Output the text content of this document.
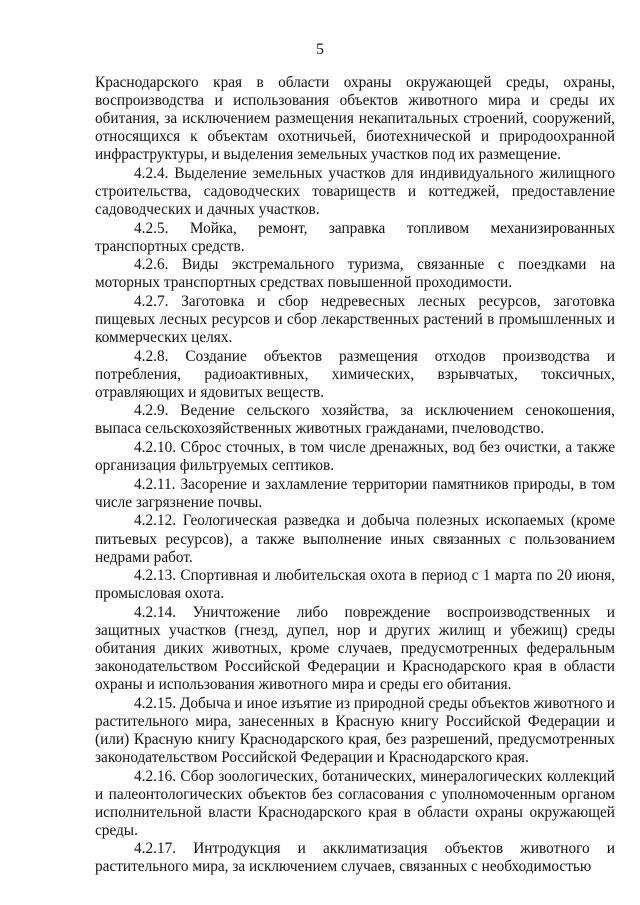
5

Краснодарского края в области охраны окружающей среды, охраны, воспроизводства и использования объектов животного мира и среды их обитания, за исключением размещения некапитальных строений, сооружений, относящихся к объектам охотничьей, биотехнической и природоохранной инфраструктуры, и выделения земельных участков под их размещение.

4.2.4. Выделение земельных участков для индивидуального жилищного строительства, садоводческих товариществ и коттеджей, предоставление садоводческих и дачных участков.

4.2.5. Мойка, ремонт, заправка топливом механизированных транспортных средств.

4.2.6. Виды экстремального туризма, связанные с поездками на моторных транспортных средствах повышенной проходимости.

4.2.7. Заготовка и сбор недревесных лесных ресурсов, заготовка пищевых лесных ресурсов и сбор лекарственных растений в промышленных и коммерческих целях.

4.2.8. Создание объектов размещения отходов производства и потребления, радиоактивных, химических, взрывчатых, токсичных, отравляющих и ядовитых веществ.

4.2.9. Ведение сельского хозяйства, за исключением сенокошения, выпаса сельскохозяйственных животных гражданами, пчеловодство.

4.2.10. Сброс сточных, в том числе дренажных, вод без очистки, а также организация фильтруемых септиков.

4.2.11. Засорение и захламление территории памятников природы, в том числе загрязнение почвы.

4.2.12. Геологическая разведка и добыча полезных ископаемых (кроме питьевых ресурсов), а также выполнение иных связанных с пользованием недрами работ.

4.2.13. Спортивная и любительская охота в период с 1 марта по 20 июня, промысловая охота.

4.2.14. Уничтожение либо повреждение воспроизводственных и защитных участков (гнезд, дупел, нор и других жилищ и убежищ) среды обитания диких животных, кроме случаев, предусмотренных федеральным законодательством Российской Федерации и Краснодарского края в области охраны и использования животного мира и среды его обитания.

4.2.15. Добыча и иное изъятие из природной среды объектов животного и растительного мира, занесенных в Красную книгу Российской Федерации и (или) Красную книгу Краснодарского края, без разрешений, предусмотренных законодательством Российской Федерации и Краснодарского края.

4.2.16. Сбор зоологических, ботанических, минералогических коллекций и палеонтологических объектов без согласования с уполномоченным органом исполнительной власти Краснодарского края в области охраны окружающей среды.

4.2.17. Интродукция и акклиматизация объектов животного и растительного мира, за исключением случаев, связанных с необходимостью
